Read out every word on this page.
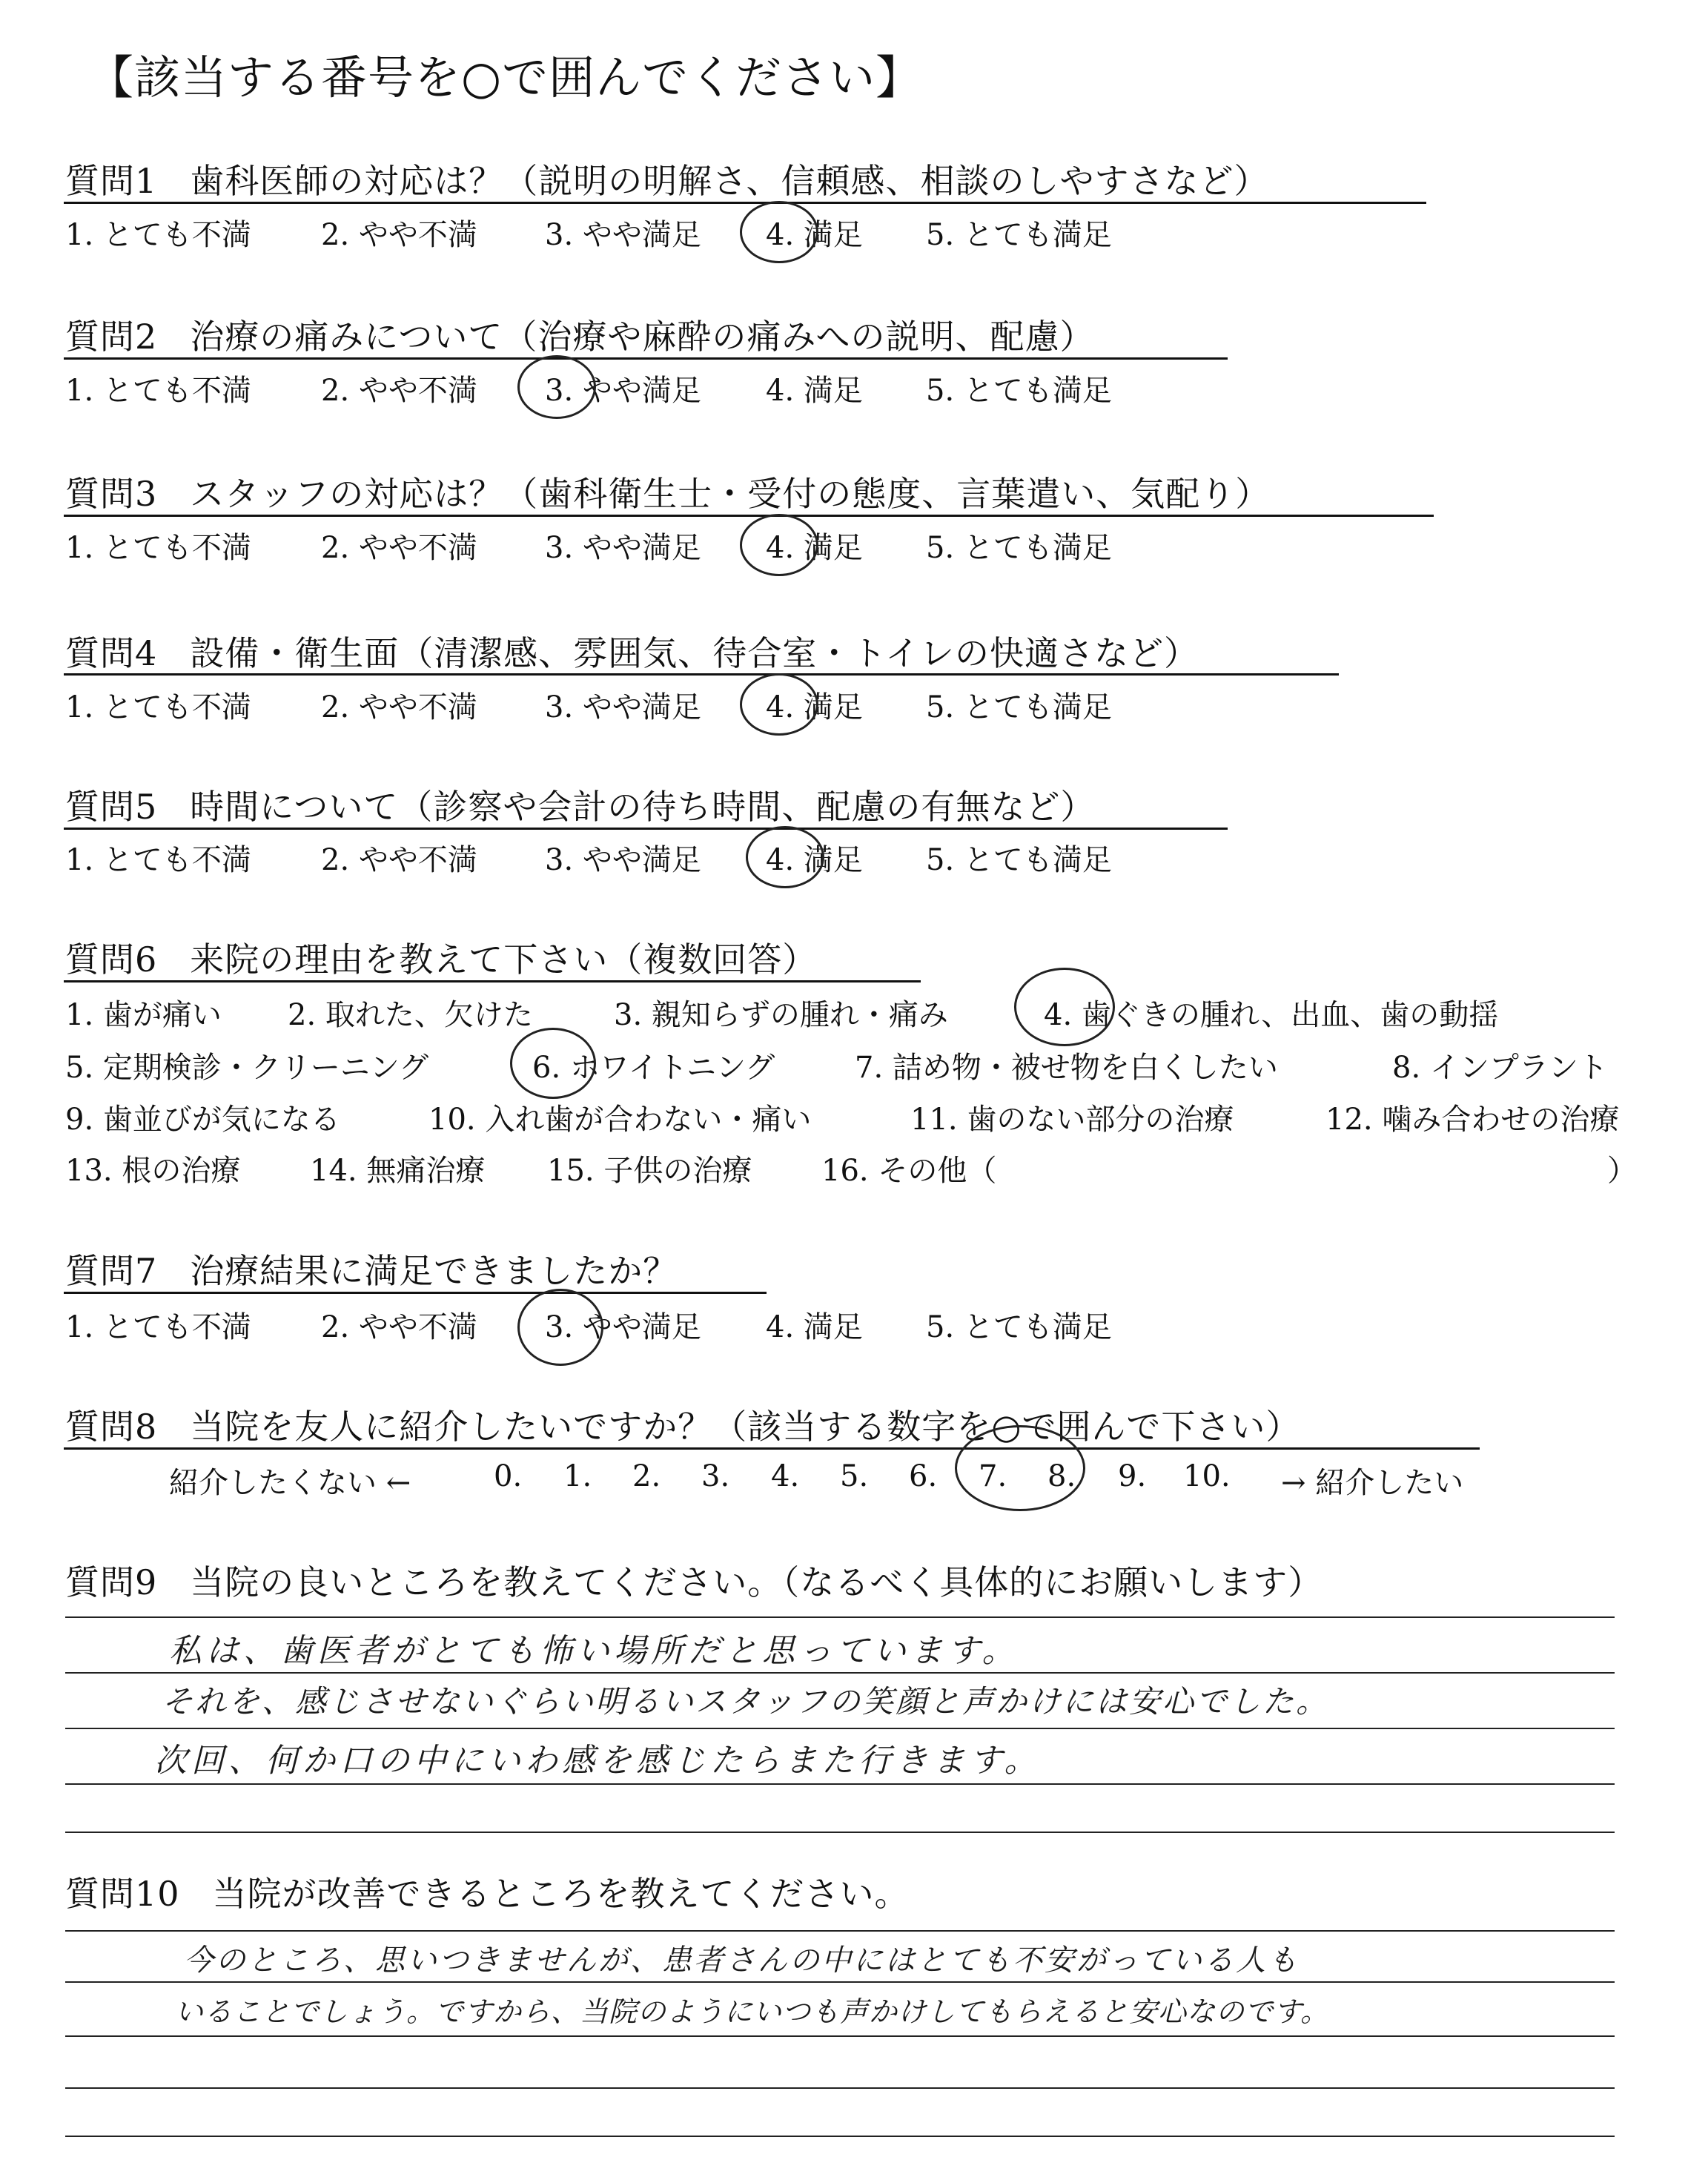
【該当する番号を○で囲んでください】
質問1 歯科医師の対応は？（説明の明解さ、信頼感、相談のしやすさなど）
1. とても不満 2. やや不満 3. やや満足 4. 満足 5. とても満足
質問2 治療の痛みについて（治療や麻酔の痛みへの説明、配慮）
1. とても不満 2. やや不満 3. やや満足 4. 満足 5. とても満足
質問3 スタッフの対応は？（歯科衛生士・受付の態度、言葉遣い、気配り）
1. とても不満 2. やや不満 3. やや満足 4. 満足 5. とても満足
質問4 設備・衛生面（清潔感、雰囲気、待合室・トイレの快適さなど）
1. とても不満 2. やや不満 3. やや満足 4. 満足 5. とても満足
質問5 時間について（診察や会計の待ち時間、配慮の有無など）
1. とても不満 2. やや不満 3. やや満足 4. 満足 5. とても満足
質問6 来院の理由を教えて下さい（複数回答）
1. 歯が痛い 2. 取れた、欠けた	3. 親知らずの腫れ・痛み	4. 歯ぐきの腫れ、出血、歯の動揺
5. 定期検診・クリーニング	6. ホワイトニング	7. 詰め物・被せ物を白くしたい	8. インプラント
9. 歯並びが気になる	10. 入れ歯が合わない・痛い	11. 歯のない部分の治療	12. 噛み合わせの治療
13. 根の治療 14. 無痛治療 15. 子供の治療 16. その他（	）
質問7 治療結果に満足できましたか？
1. とても不満 2. やや不満 3. やや満足 4. 満足 5. とても満足
質問8 当院を友人に紹介したいですか？（該当する数字を○で囲んで下さい）
紹介したくない ←	0. 1. 2. 3. 4. 5. 6. 7. 8. 9. 10. → 紹介したい
質問9 当院の良いところを教えてください。（なるべく具体的にお願いします）
私は、歯医者がとても怖い場所だと思っています。
それを、感じさせないぐらい明るいスタッフの笑顔と声かけには安心でした。
次回、何か口の中にいわ感を感じたらまた行きます。
質問10 当院が改善できるところを教えてください。
今のところ、思いつきませんが、患者さんの中にはとても不安がっている人も
いることでしょう。ですから、当院のようにいつも声かけしてもらえると安心なのです。
